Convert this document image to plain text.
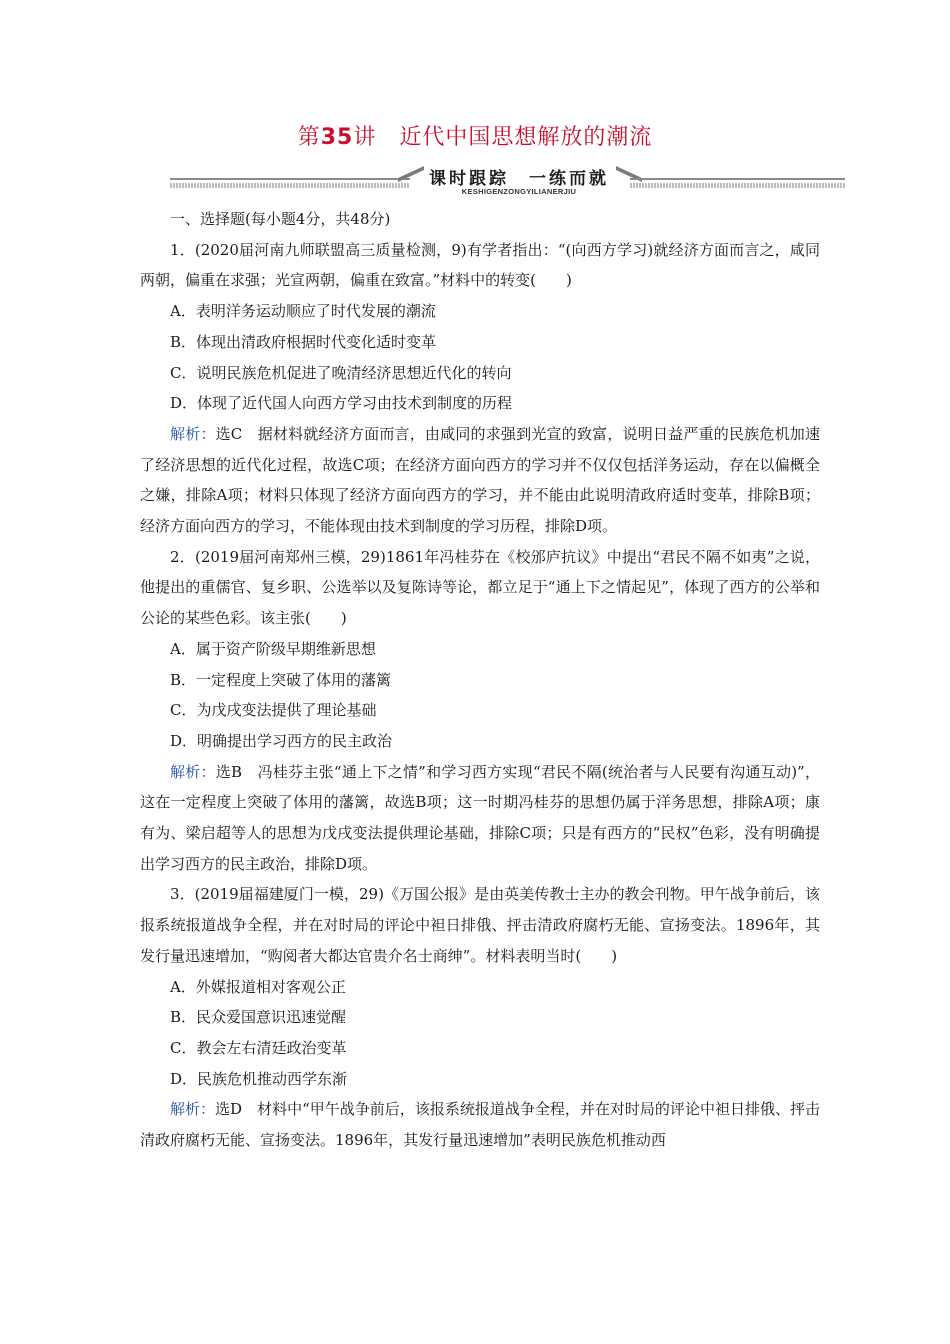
第35讲　近代中国思想解放的潮流
课时跟踪　一练而就
KESHIGENZONGYILIANERJIU

一、选择题(每小题4分，共48分)

1．(2020届河南九师联盟高三质量检测，9)有学者指出：“(向西方学习)就经济方面而言之，咸同两朝，偏重在求强；光宣两朝，偏重在致富。”材料中的转变(　　)

A．表明洋务运动顺应了时代发展的潮流

B．体现出清政府根据时代变化适时变革

C．说明民族危机促进了晚清经济思想近代化的转向

D．体现了近代国人向西方学习由技术到制度的历程

解析：选C　据材料就经济方面而言，由咸同的求强到光宣的致富，说明日益严重的民族危机加速了经济思想的近代化过程，故选C项；在经济方面向西方的学习并不仅仅包括洋务运动，存在以偏概全之嫌，排除A项；材料只体现了经济方面向西方的学习，并不能由此说明清政府适时变革，排除B项；经济方面向西方的学习，不能体现由技术到制度的学习历程，排除D项。

2．(2019届河南郑州三模，29)1861年冯桂芬在《校邠庐抗议》中提出“君民不隔不如夷”之说，他提出的重儒官、复乡职、公选举以及复陈诗等论，都立足于“通上下之情起见”，体现了西方的公举和公论的某些色彩。该主张(　　)

A．属于资产阶级早期维新思想

B．一定程度上突破了体用的藩篱

C．为戊戌变法提供了理论基础

D．明确提出学习西方的民主政治

解析：选B　冯桂芬主张“通上下之情”和学习西方实现“君民不隔(统治者与人民要有沟通互动)”，这在一定程度上突破了体用的藩篱，故选B项；这一时期冯桂芬的思想仍属于洋务思想，排除A项；康有为、梁启超等人的思想为戊戌变法提供理论基础，排除C项；只是有西方的“民权”色彩，没有明确提出学习西方的民主政治，排除D项。

3．(2019届福建厦门一模，29)《万国公报》是由英美传教士主办的教会刊物。甲午战争前后，该报系统报道战争全程，并在对时局的评论中袒日排俄、抨击清政府腐朽无能、宣扬变法。1896年，其发行量迅速增加，“购阅者大都达官贵介名士商绅”。材料表明当时(　　)

A．外媒报道相对客观公正

B．民众爱国意识迅速觉醒

C．教会左右清廷政治变革

D．民族危机推动西学东渐

解析：选D　材料中“甲午战争前后，该报系统报道战争全程，并在对时局的评论中袒日排俄、抨击清政府腐朽无能、宣扬变法。1896年，其发行量迅速增加”表明民族危机推动西
